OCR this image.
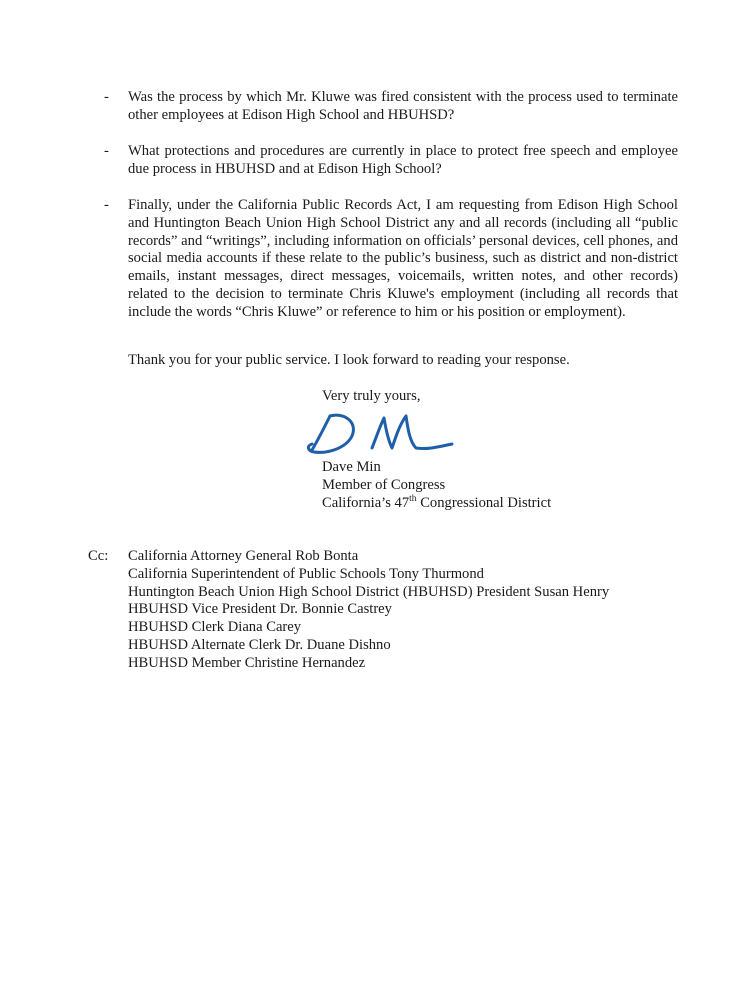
- Was the process by which Mr. Kluwe was fired consistent with the process used to terminate other employees at Edison High School and HBUHSD?

- What protections and procedures are currently in place to protect free speech and employee due process in HBUHSD and at Edison High School?

- Finally, under the California Public Records Act, I am requesting from Edison High School and Huntington Beach Union High School District any and all records (including all “public records” and “writings”, including information on officials’ personal devices, cell phones, and social media accounts if these relate to the public’s business, such as district and non-district emails, instant messages, direct messages, voicemails, written notes, and other records) related to the decision to terminate Chris Kluwe's employment (including all records that include the words “Chris Kluwe” or reference to him or his position or employment).

Thank you for your public service. I look forward to reading your response.

Very truly yours,

Dave Min
Member of Congress
California’s 47th Congressional District
Cc: California Attorney General Rob Bonta
California Superintendent of Public Schools Tony Thurmond
Huntington Beach Union High School District (HBUHSD) President Susan Henry
HBUHSD Vice President Dr. Bonnie Castrey
HBUHSD Clerk Diana Carey
HBUHSD Alternate Clerk Dr. Duane Dishno
HBUHSD Member Christine Hernandez
